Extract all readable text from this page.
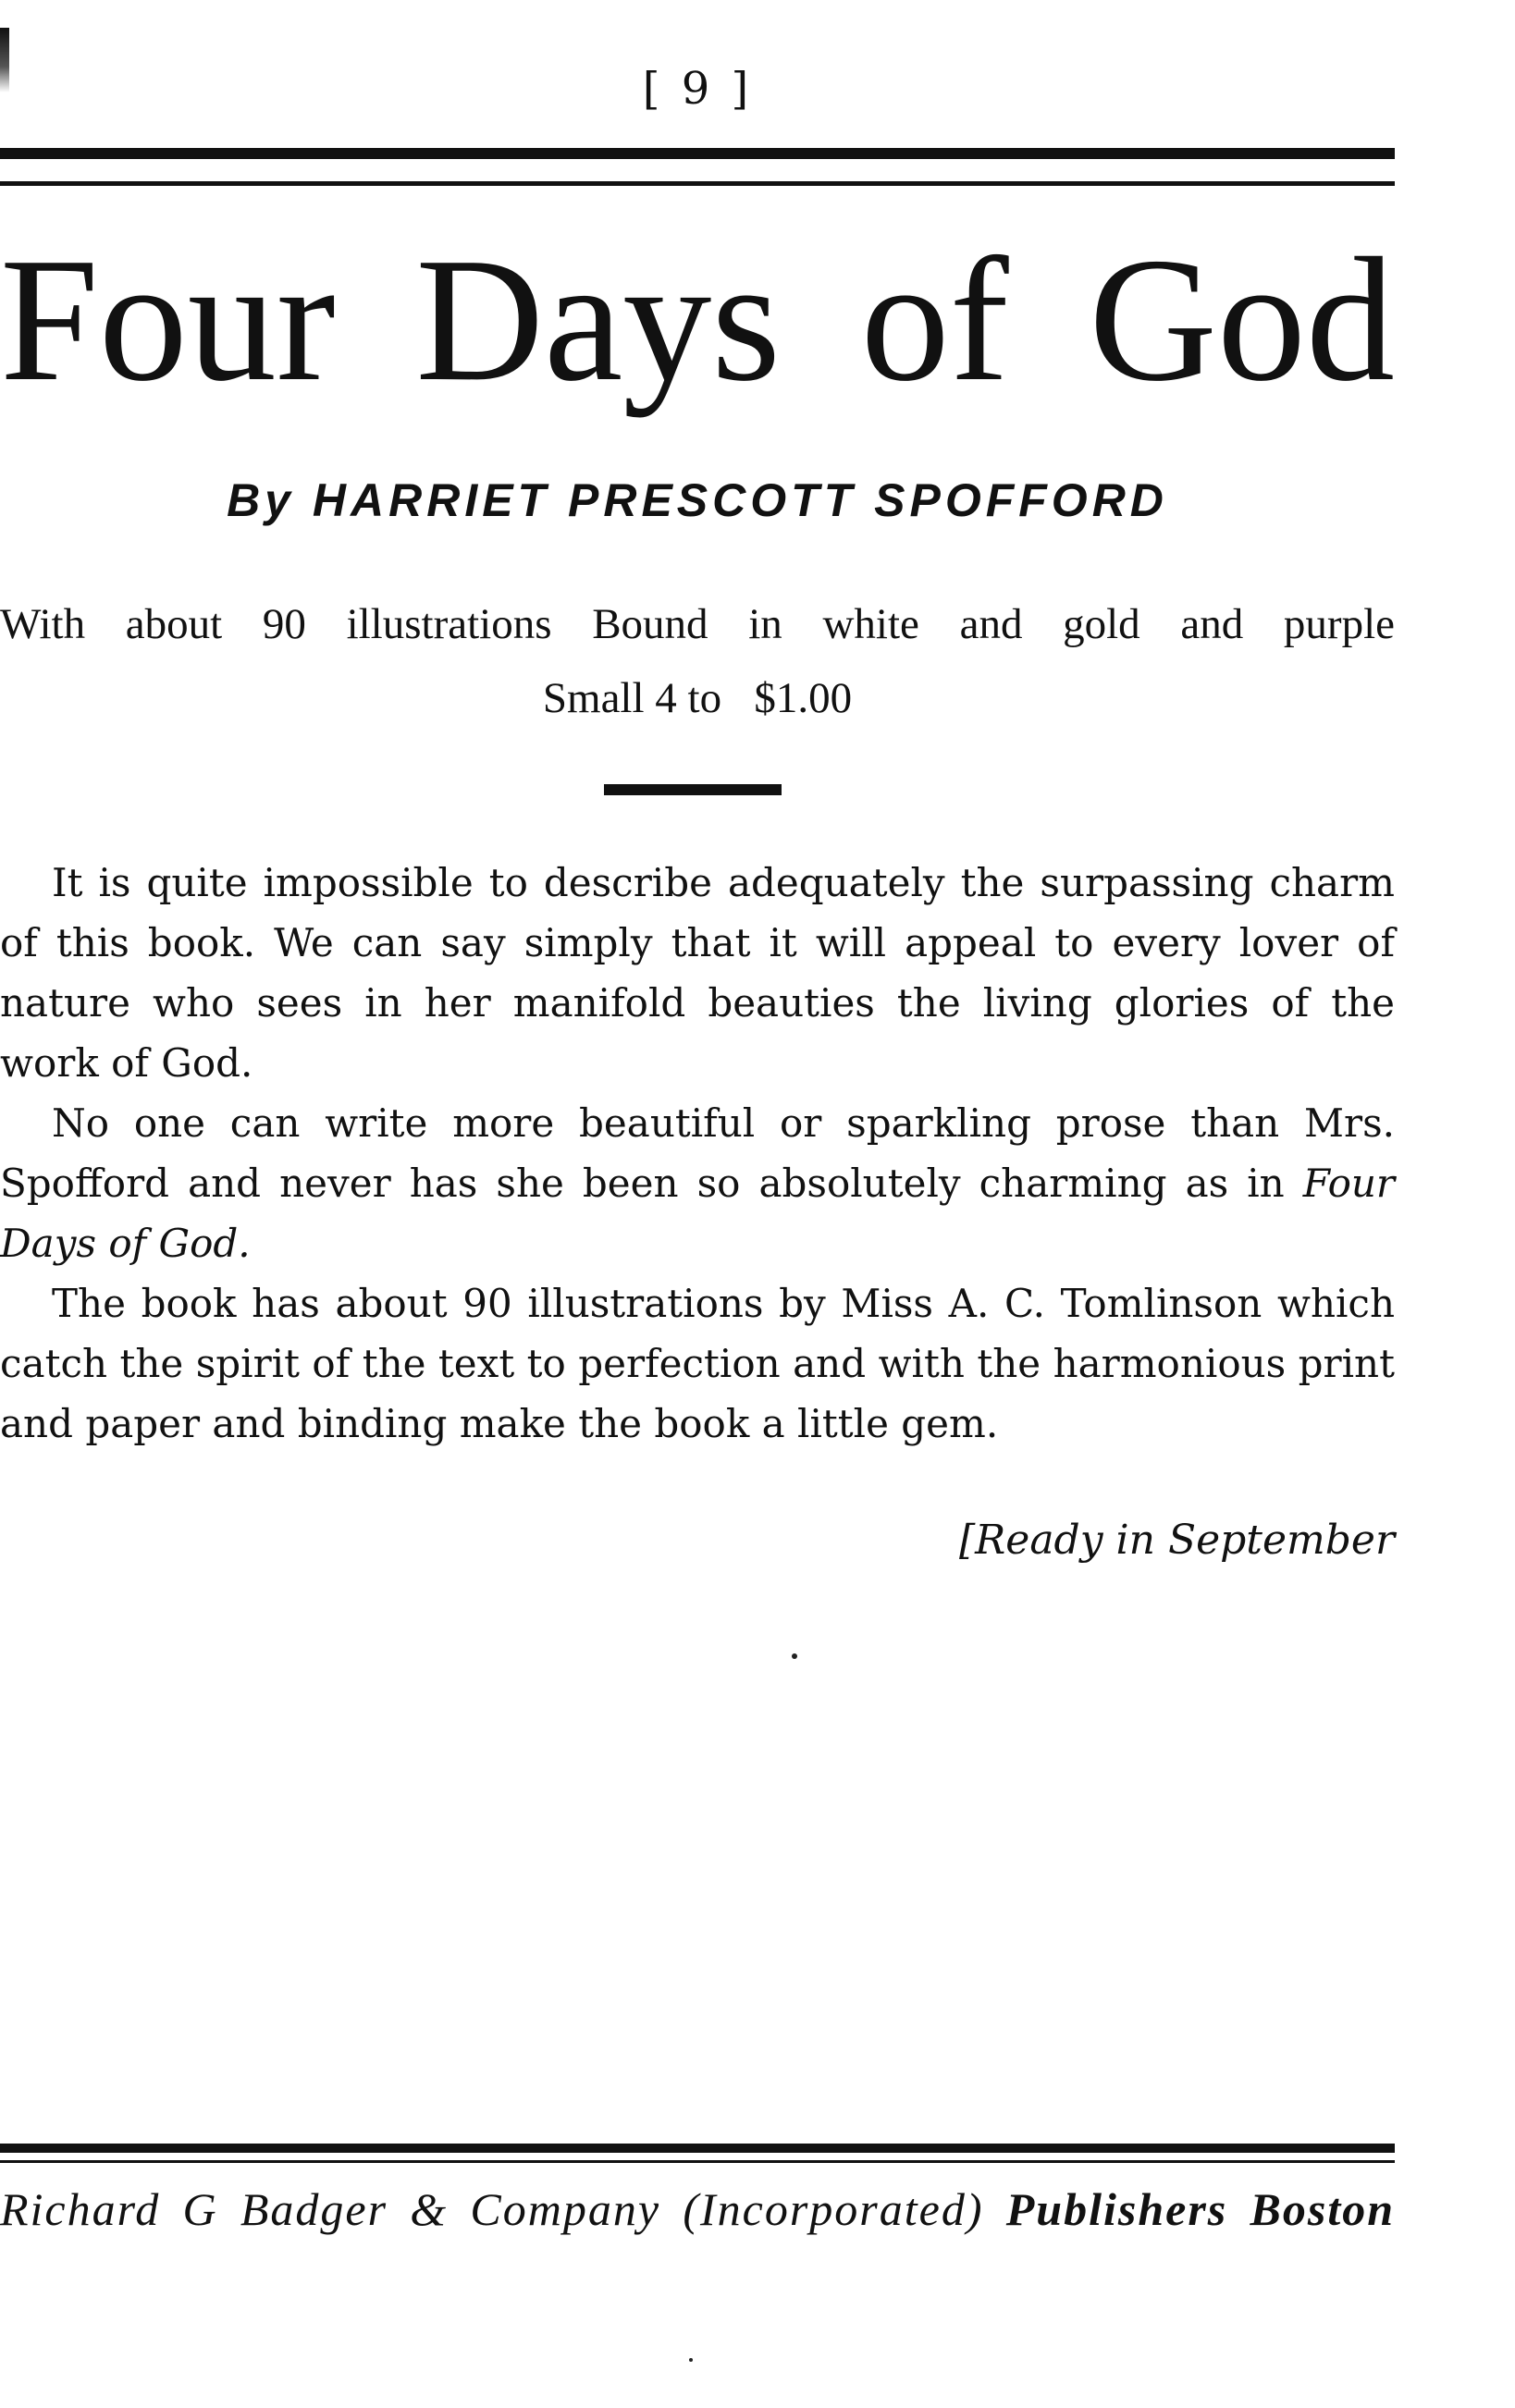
[ 9 ]
Four Days of God
By HARRIET PRESCOTT SPOFFORD
With about 90 illustrations Bound in white and gold and purple
Small 4 to   $1.00

It is quite impossible to describe adequately the surpassing charm of this book. We can say simply that it will appeal to every lover of nature who sees in her manifold beauties the living glories of the work of God.

No one can write more beautiful or sparkling prose than Mrs. Spofford and never has she been so absolutely charming as in Four Days of God.

The book has about 90 illustrations by Miss A. C. Tomlinson which catch the spirit of the text to perfection and with the harmonious print and paper and binding make the book a little gem.

[Ready in September
Richard G Badger & Company (Incorporated) Publishers Boston
